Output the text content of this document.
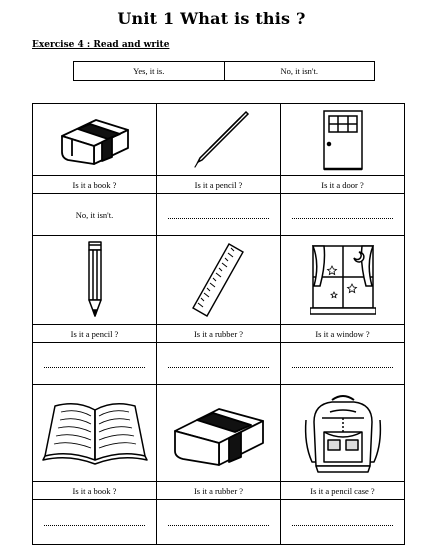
Unit 1 What is this ?
Exercise 4 : Read and write
Yes, it is.	No, it isn't.

Is it a book ?	Is it a pencil ?	Is it a door ?
No, it isn't.		

Is it a pencil ?	Is it a rubber ?	Is it a window ?

Is it a book ?	Is it a rubber ?	Is it a pencil case ?
